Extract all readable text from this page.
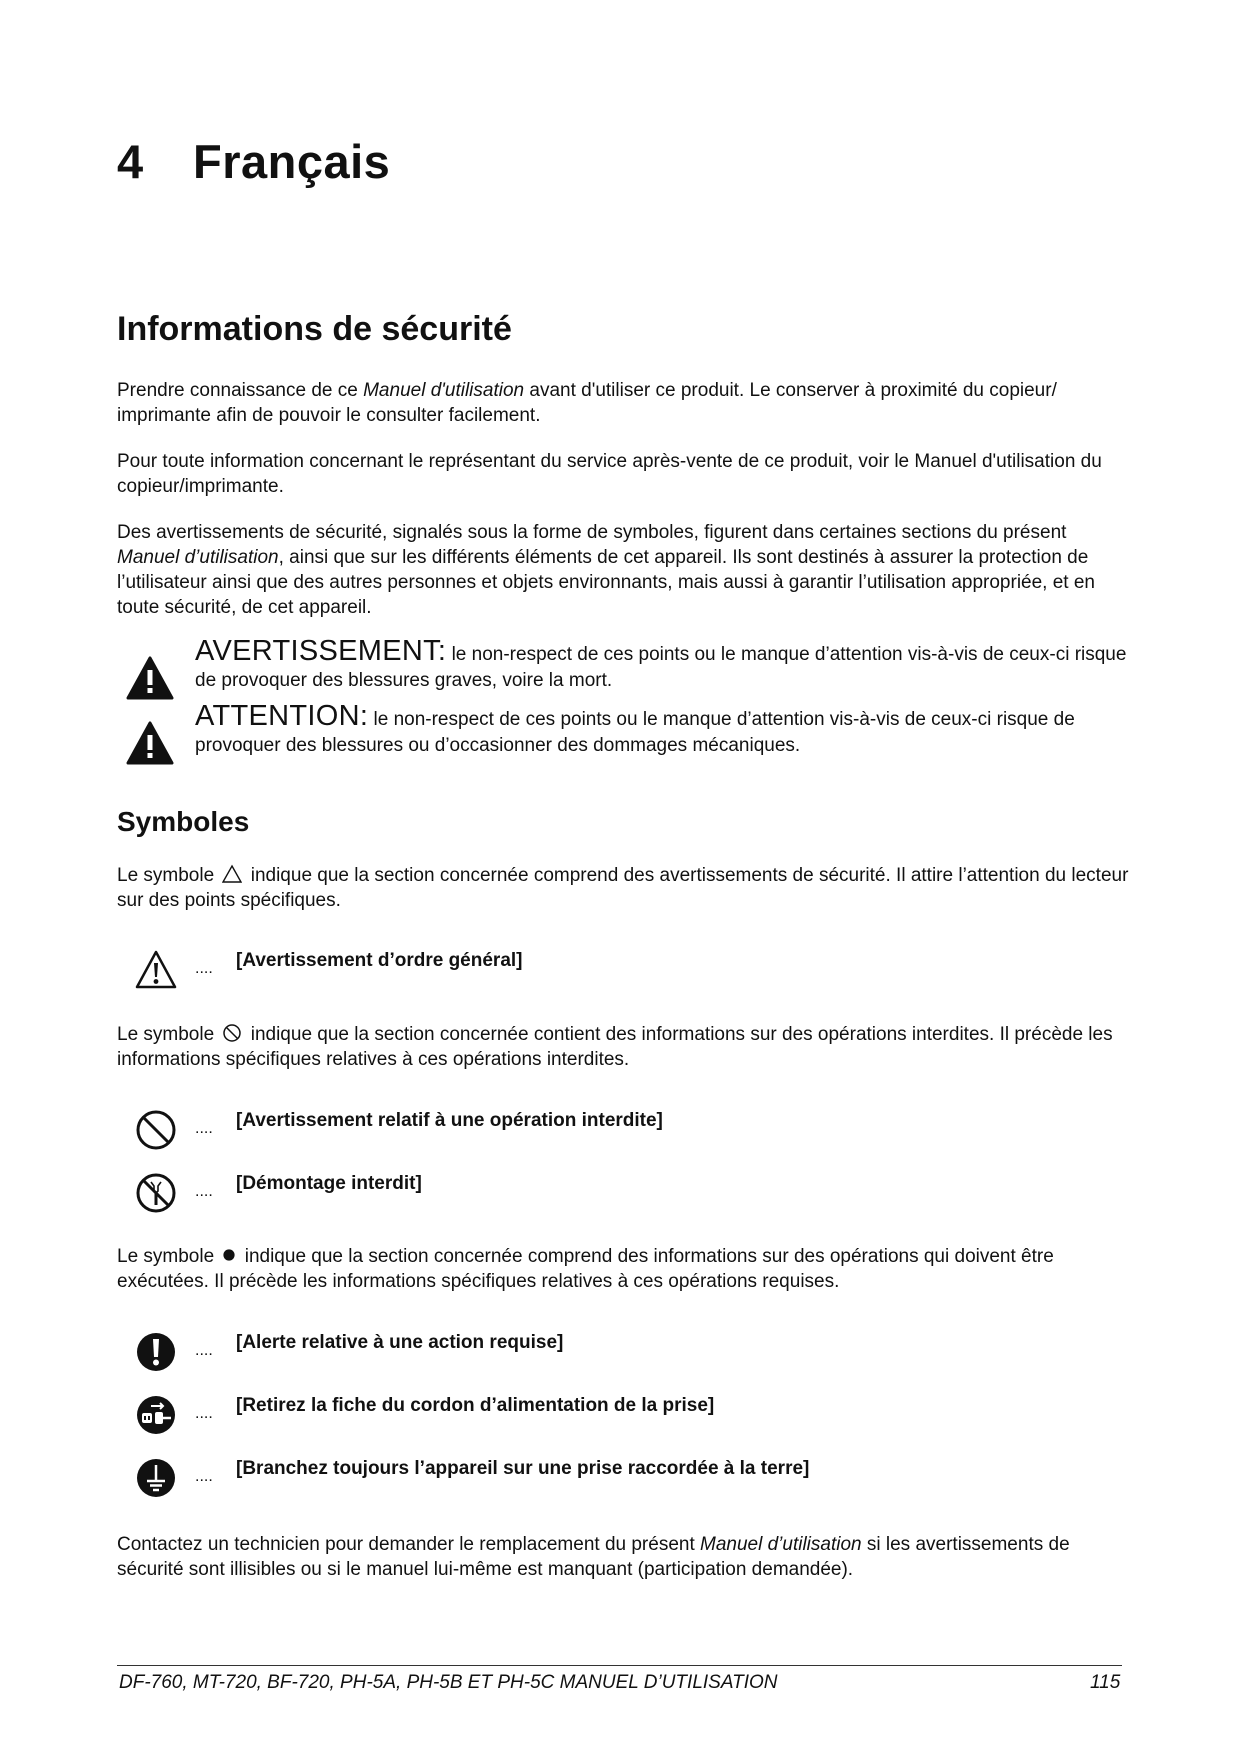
4 Français
Informations de sécurité

Prendre connaissance de ce Manuel d'utilisation avant d'utiliser ce produit. Le conserver à proximité du copieur/ imprimante afin de pouvoir le consulter facilement.

Pour toute information concernant le représentant du service après-vente de ce produit, voir le Manuel d'utilisation du copieur/imprimante.

Des avertissements de sécurité, signalés sous la forme de symboles, figurent dans certaines sections du présent Manuel d’utilisation, ainsi que sur les différents éléments de cet appareil. Ils sont destinés à assurer la protection de l’utilisateur ainsi que des autres personnes et objets environnants, mais aussi à garantir l’utilisation appropriée, et en toute sécurité, de cet appareil.

AVERTISSEMENT: le non-respect de ces points ou le manque d’attention vis-à-vis de ceux-ci risque de provoquer des blessures graves, voire la mort.
ATTENTION: le non-respect de ces points ou le manque d’attention vis-à-vis de ceux-ci risque de provoquer des blessures ou d’occasionner des dommages mécaniques.
Symboles

Le symbole indique que la section concernée comprend des avertissements de sécurité. Il attire l’attention du lecteur sur des points spécifiques.

.... [Avertissement d’ordre général]

Le symbole indique que la section concernée contient des informations sur des opérations interdites. Il précède les informations spécifiques relatives à ces opérations interdites.

.... [Avertissement relatif à une opération interdite]
.... [Démontage interdit]

Le symbole indique que la section concernée comprend des informations sur des opérations qui doivent être exécutées. Il précède les informations spécifiques relatives à ces opérations requises.

.... [Alerte relative à une action requise]
.... [Retirez la fiche du cordon d’alimentation de la prise]
.... [Branchez toujours l’appareil sur une prise raccordée à la terre]

Contactez un technicien pour demander le remplacement du présent Manuel d’utilisation si les avertissements de sécurité sont illisibles ou si le manuel lui-même est manquant (participation demandée).

DF-760, MT-720, BF-720, PH-5A, PH-5B ET PH-5C MANUEL D’UTILISATION	115
